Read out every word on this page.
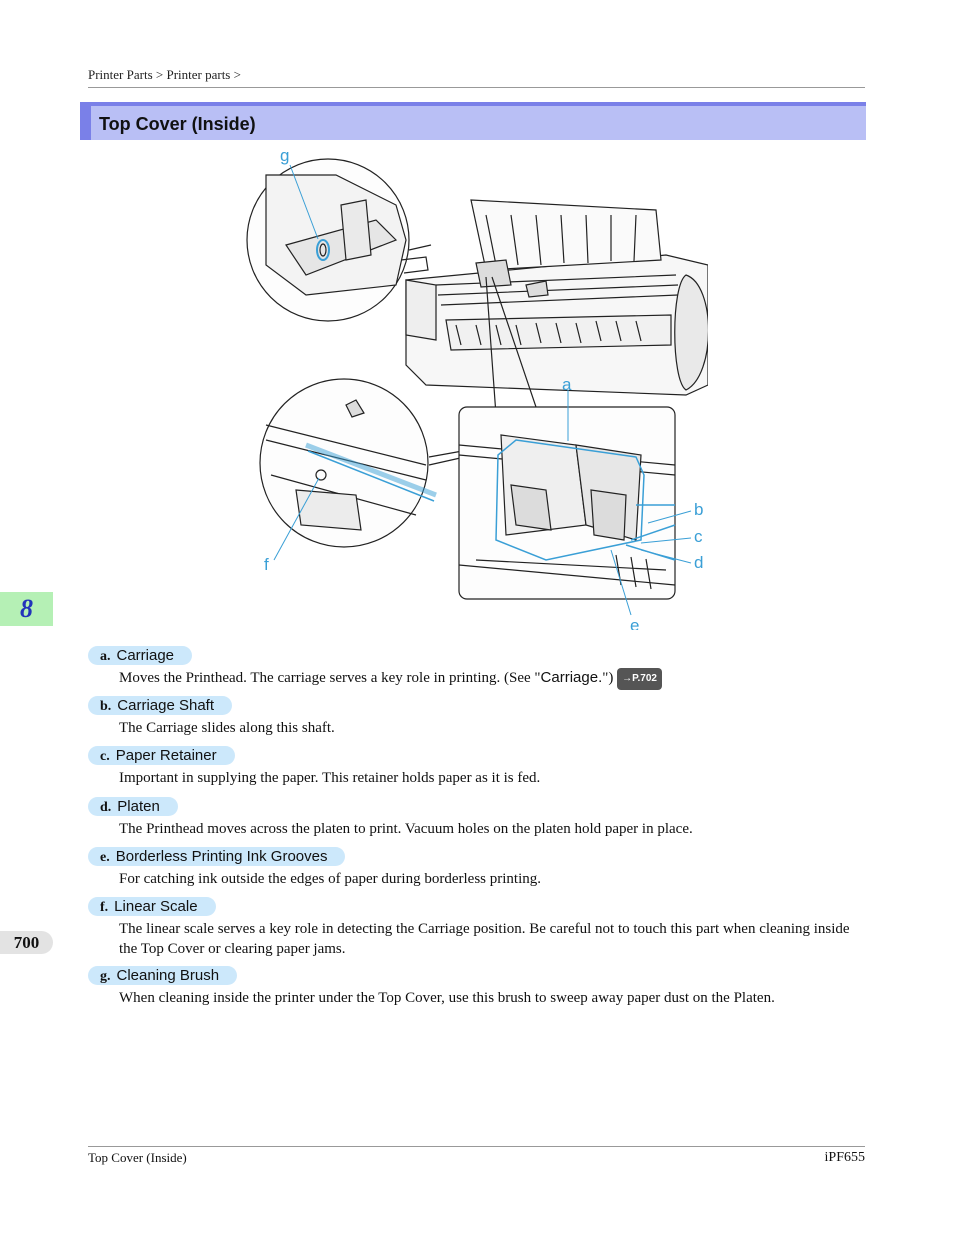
Printer Parts > Printer parts >
Top Cover (Inside)
g
a
b
c
d
e
f
8
700
a. Carriage
Moves the Printhead. The carriage serves a key role in printing. (See "Carriage.") →P.702
b. Carriage Shaft
The Carriage slides along this shaft.
c. Paper Retainer
Important in supplying the paper. This retainer holds paper as it is fed.
d. Platen
The Printhead moves across the platen to print. Vacuum holes on the platen hold paper in place.
e. Borderless Printing Ink Grooves
For catching ink outside the edges of paper during borderless printing.
f. Linear Scale
The linear scale serves a key role in detecting the Carriage position. Be careful not to touch this part when cleaning inside the Top Cover or clearing paper jams.
g. Cleaning Brush
When cleaning inside the printer under the Top Cover, use this brush to sweep away paper dust on the Platen.
Top Cover (Inside)	iPF655
